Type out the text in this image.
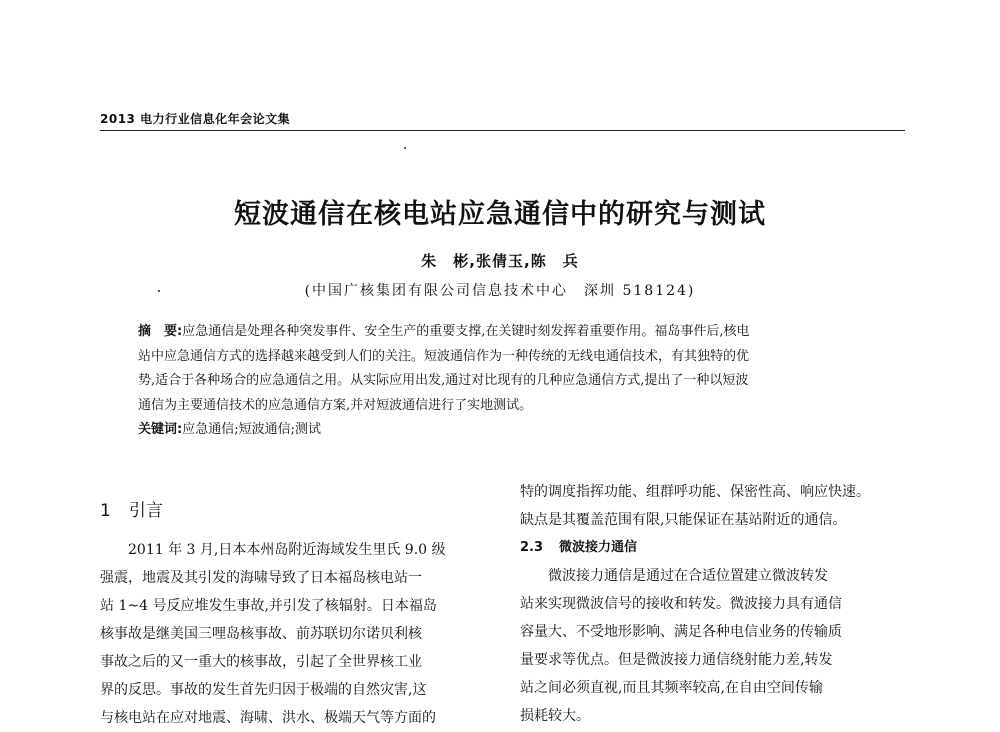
2013 电力行业信息化年会论文集
短波通信在核电站应急通信中的研究与测试
朱　彬,张倩玉,陈　兵
(中国广核集团有限公司信息技术中心　深圳 518124)
摘　要:应急通信是处理各种突发事件、安全生产的重要支撑,在关键时刻发挥着重要作用。福岛事件后,核电
站中应急通信方式的选择越来越受到人们的关注。短波通信作为一种传统的无线电通信技术，有其独特的优
势,适合于各种场合的应急通信之用。从实际应用出发,通过对比现有的几种应急通信方式,提出了一种以短波
通信为主要通信技术的应急通信方案,并对短波通信进行了实地测试。
关键词:应急通信;短波通信;测试
1 引言
2011 年 3 月,日本本州岛附近海域发生里氏 9.0 级
强震，地震及其引发的海啸导致了日本福岛核电站一
站 1~4 号反应堆发生事故,并引发了核辐射。日本福岛
核事故是继美国三哩岛核事故、前苏联切尔诺贝利核
事故之后的又一重大的核事故，引起了全世界核工业
界的反思。事故的发生首先归因于极端的自然灾害,这
与核电站在应对地震、海啸、洪水、极端天气等方面的
特的调度指挥功能、组群呼功能、保密性高、响应快速。
缺点是其覆盖范围有限,只能保证在基站附近的通信。
2.3 微波接力通信
微波接力通信是通过在合适位置建立微波转发
站来实现微波信号的接收和转发。微波接力具有通信
容量大、不受地形影响、满足各种电信业务的传输质
量要求等优点。但是微波接力通信绕射能力差,转发
站之间必须直视,而且其频率较高,在自由空间传输
损耗较大。
